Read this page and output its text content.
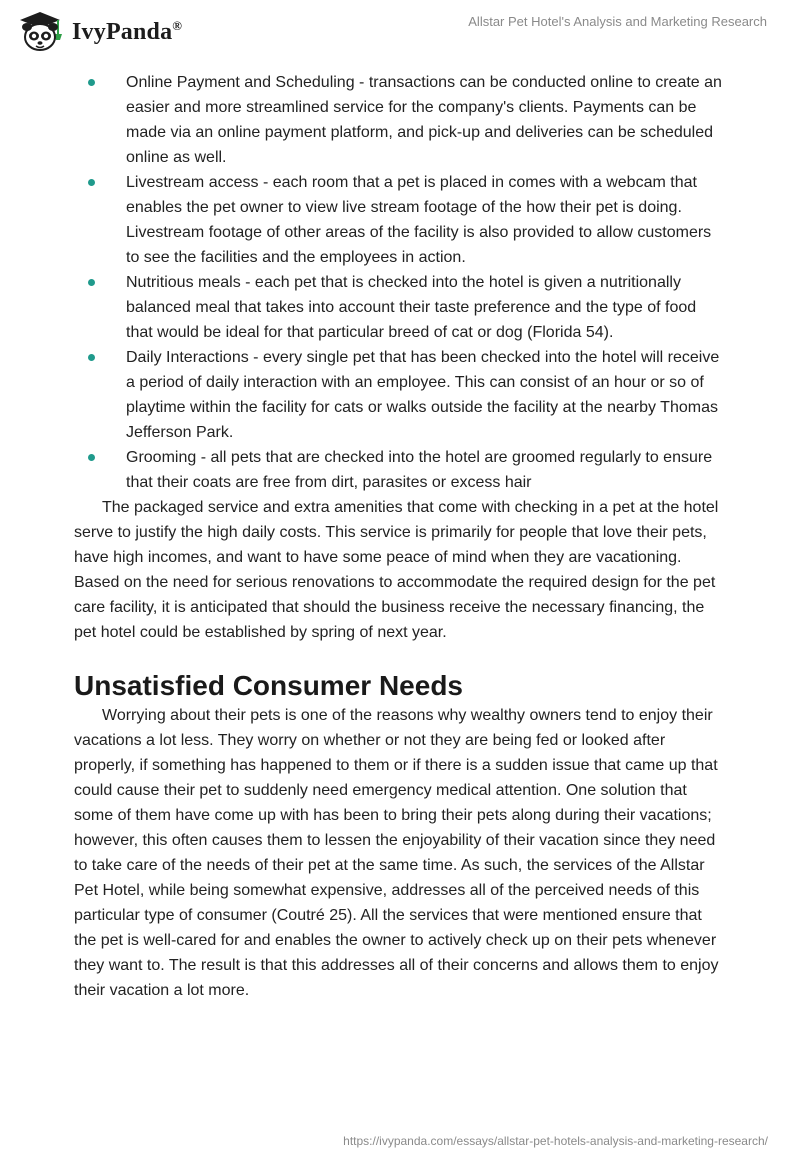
IvyPanda®	Allstar Pet Hotel's Analysis and Marketing Research
Online Payment and Scheduling - transactions can be conducted online to create an easier and more streamlined service for the company's clients. Payments can be made via an online payment platform, and pick-up and deliveries can be scheduled online as well.
Livestream access - each room that a pet is placed in comes with a webcam that enables the pet owner to view live stream footage of the how their pet is doing. Livestream footage of other areas of the facility is also provided to allow customers to see the facilities and the employees in action.
Nutritious meals - each pet that is checked into the hotel is given a nutritionally balanced meal that takes into account their taste preference and the type of food that would be ideal for that particular breed of cat or dog (Florida 54).
Daily Interactions - every single pet that has been checked into the hotel will receive a period of daily interaction with an employee. This can consist of an hour or so of playtime within the facility for cats or walks outside the facility at the nearby Thomas Jefferson Park.
Grooming - all pets that are checked into the hotel are groomed regularly to ensure that their coats are free from dirt, parasites or excess hair

The packaged service and extra amenities that come with checking in a pet at the hotel serve to justify the high daily costs. This service is primarily for people that love their pets, have high incomes, and want to have some peace of mind when they are vacationing. Based on the need for serious renovations to accommodate the required design for the pet care facility, it is anticipated that should the business receive the necessary financing, the pet hotel could be established by spring of next year.

Unsatisfied Consumer Needs

Worrying about their pets is one of the reasons why wealthy owners tend to enjoy their vacations a lot less. They worry on whether or not they are being fed or looked after properly, if something has happened to them or if there is a sudden issue that came up that could cause their pet to suddenly need emergency medical attention. One solution that some of them have come up with has been to bring their pets along during their vacations; however, this often causes them to lessen the enjoyability of their vacation since they need to take care of the needs of their pet at the same time. As such, the services of the Allstar Pet Hotel, while being somewhat expensive, addresses all of the perceived needs of this particular type of consumer (Coutré 25). All the services that were mentioned ensure that the pet is well-cared for and enables the owner to actively check up on their pets whenever they want to. The result is that this addresses all of their concerns and allows them to enjoy their vacation a lot more.

https://ivypanda.com/essays/allstar-pet-hotels-analysis-and-marketing-research/
